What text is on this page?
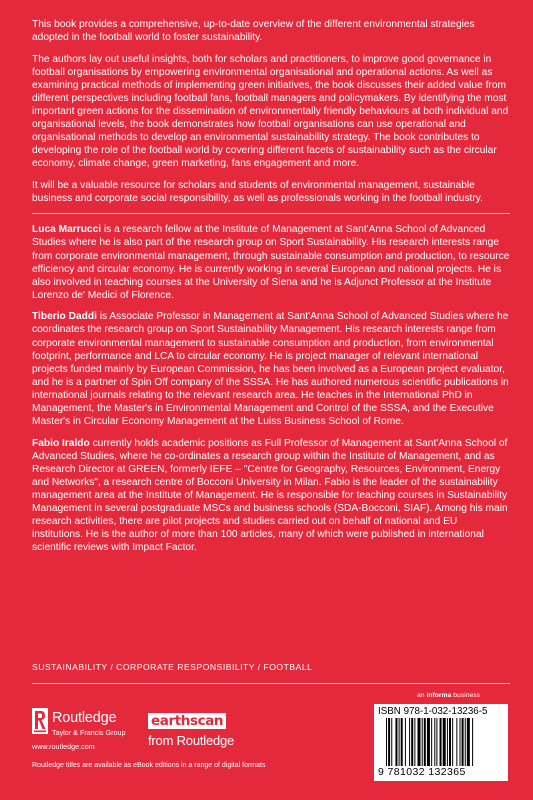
This book provides a comprehensive, up-to-date overview of the different environmental strategies adopted in the football world to foster sustainability.

The authors lay out useful insights, both for scholars and practitioners, to improve good governance in football organisations by empowering environmental organisational and operational actions. As well as examining practical methods of implementing green initiatives, the book discusses their added value from different perspectives including football fans, football managers and policymakers. By identifying the most important green actions for the dissemination of environmentally friendly behaviours at both individual and organisational levels, the book demonstrates how football organisations can use operational and organisational methods to develop an environmental sustainability strategy. The book contributes to developing the role of the football world by covering different facets of sustainability such as the circular economy, climate change, green marketing, fans engagement and more.

It will be a valuable resource for scholars and students of environmental management, sustainable business and corporate social responsibility, as well as professionals working in the football industry.

Luca Marrucci is a research fellow at the Institute of Management at Sant'Anna School of Advanced Studies where he is also part of the research group on Sport Sustainability. His research interests range from corporate environmental management, through sustainable consumption and production, to resource efficiency and circular economy. He is currently working in several European and national projects. He is also involved in teaching courses at the University of Siena and he is Adjunct Professor at the Institute Lorenzo de' Medici of Florence.

Tiberio Daddi is Associate Professor in Management at Sant'Anna School of Advanced Studies where he coordinates the research group on Sport Sustainability Management. His research interests range from corporate environmental management to sustainable consumption and production, from environmental footprint, performance and LCA to circular economy. He is project manager of relevant international projects funded mainly by European Commission, he has been involved as a European project evaluator, and he is a partner of Spin Off company of the SSSA. He has authored numerous scientific publications in international journals relating to the relevant research area. He teaches in the International PhD in Management, the Master's in Environmental Management and Control of the SSSA, and the Executive Master's in Circular Economy Management at the Luiss Business School of Rome.

Fabio Iraldo currently holds academic positions as Full Professor of Management at Sant'Anna School of Advanced Studies, where he co-ordinates a research group within the Institute of Management, and as Research Director at GREEN, formerly IEFE – "Centre for Geography, Resources, Environment, Energy and Networks", a research centre of Bocconi University in Milan. Fabio is the leader of the sustainability management area at the Institute of Management. He is responsible for teaching courses in Sustainability Management in several postgraduate MSCs and business schools (SDA-Bocconi, SIAF). Among his main research activities, there are pilot projects and studies carried out on behalf of national and EU institutions. He is the author of more than 100 articles, many of which were published in international scientific reviews with Impact Factor.

SUSTAINABILITY / CORPORATE RESPONSIBILITY / FOOTBALL
Routledge
Taylor & Francis Group
www.routledge.com
earthscan
from Routledge
an informa business
ISBN 978-1-032-13236-5
9 781032 132365
Routledge titles are available as eBook editions in a range of digital formats
